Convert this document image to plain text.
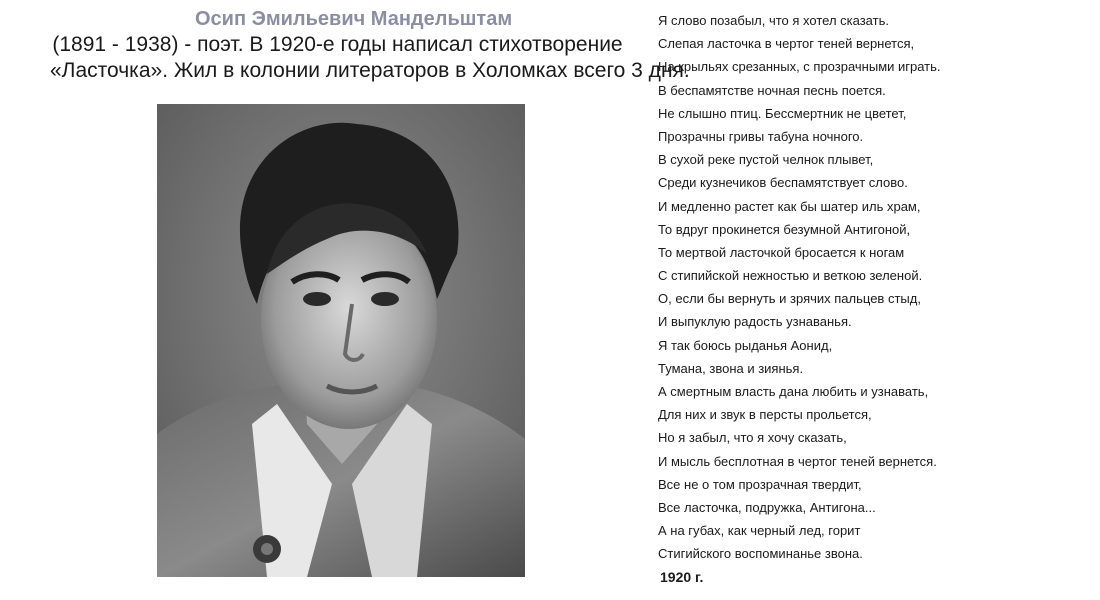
Осип Эмильевич Мандельштам
(1891 - 1938) - поэт. В 1920-е годы написал стихотворение
«Ласточка». Жил в колонии литераторов в Холомках всего 3 дня.
Я слово позабыл, что я хотел сказать.
Слепая ласточка в чертог теней вернется,
На крыльях срезанных, с прозрачными играть.
В беспамятстве ночная песнь поется.
Не слышно птиц. Бессмертник не цветет,
Прозрачны гривы табуна ночного.
В сухой реке пустой челнок плывет,
Среди кузнечиков беспамятствует слово.
И медленно растет как бы шатер иль храм,
То вдруг прокинется безумной Антигоной,
То мертвой ласточкой бросается к ногам
С стипийской нежностью и веткою зеленой.
О, если бы вернуть и зрячих пальцев стыд,
И выпуклую радость узнаванья.
Я так боюсь рыданья Аонид,
Тумана, звона и зиянья.
А смертным власть дана любить и узнавать,
Для них и звук в персты прольется,
Но я забыл, что я хочу сказать,
И мысль бесплотная в чертог теней вернется.
Все не о том прозрачная твердит,
Все ласточка, подружка, Антигона...
А на губах, как черный лед, горит
Стигийского воспоминанье звона.
1920 г.
